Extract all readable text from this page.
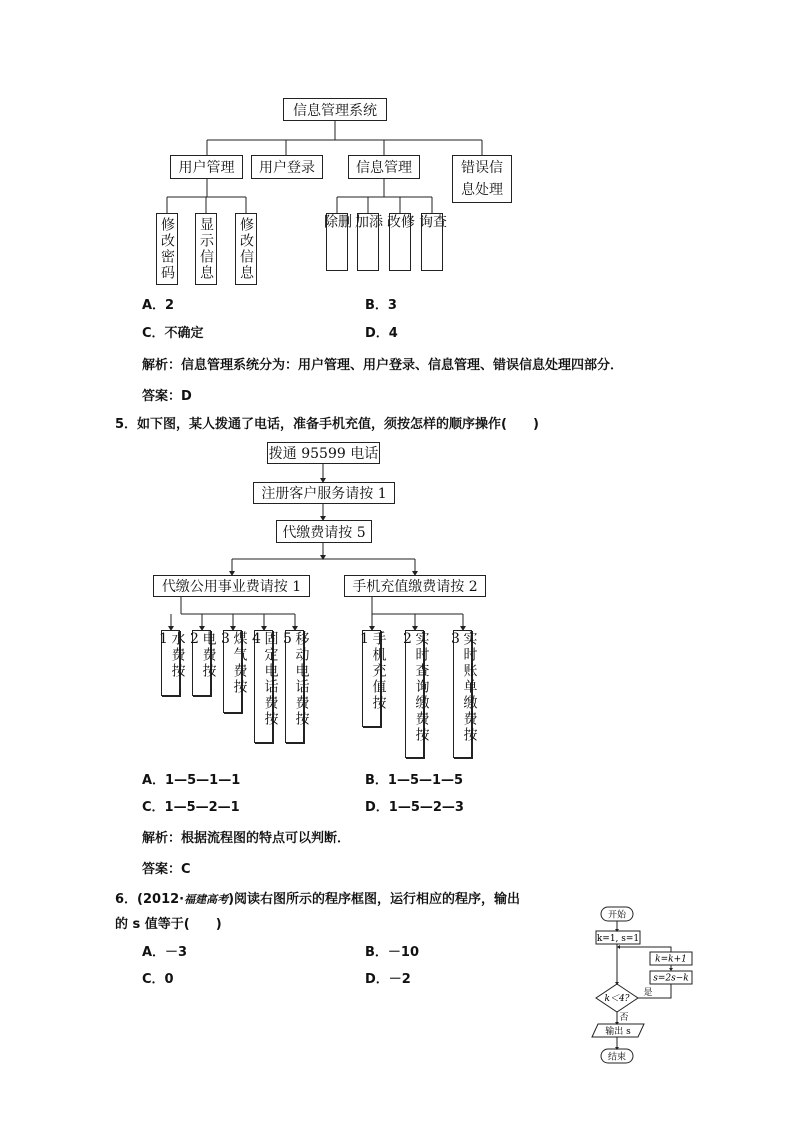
信息管理系统
用户管理	用户登录	信息管理	错误信息处理
修改密码 显示信息 修改信息	删除	添加	修改	查询
A．2	B．3
C．不确定	D．4
解析：信息管理系统分为：用户管理、用户登录、信息管理、错误信息处理四部分．
答案：D
5．如下图，某人拨通了电话，准备手机充值，须按怎样的顺序操作(　　)
拨通 95599 电话
注册客户服务请按 1
代缴费请按 5
代缴公用事业费请按 1	手机充值缴费请按 2
水费按1	电费按2	煤气费按3	固定电话费按4	移动电话费按5	手机充值按1	实时查询缴费按2	实时账单缴费按3
A．1—5—1—1	B．1—5—1—5
C．1—5—2—1	D．1—5—2—3
解析：根据流程图的特点可以判断．
答案：C
6．(2012·福建高考)阅读右图所示的程序框图，运行相应的程序，输出
的 s 值等于(　　)
A．－3	B．－10
C．0	D．－2
开始
k=1, s=1
k=k+1
s=2s−k
k＜4?
是
否
输出 s
结束
